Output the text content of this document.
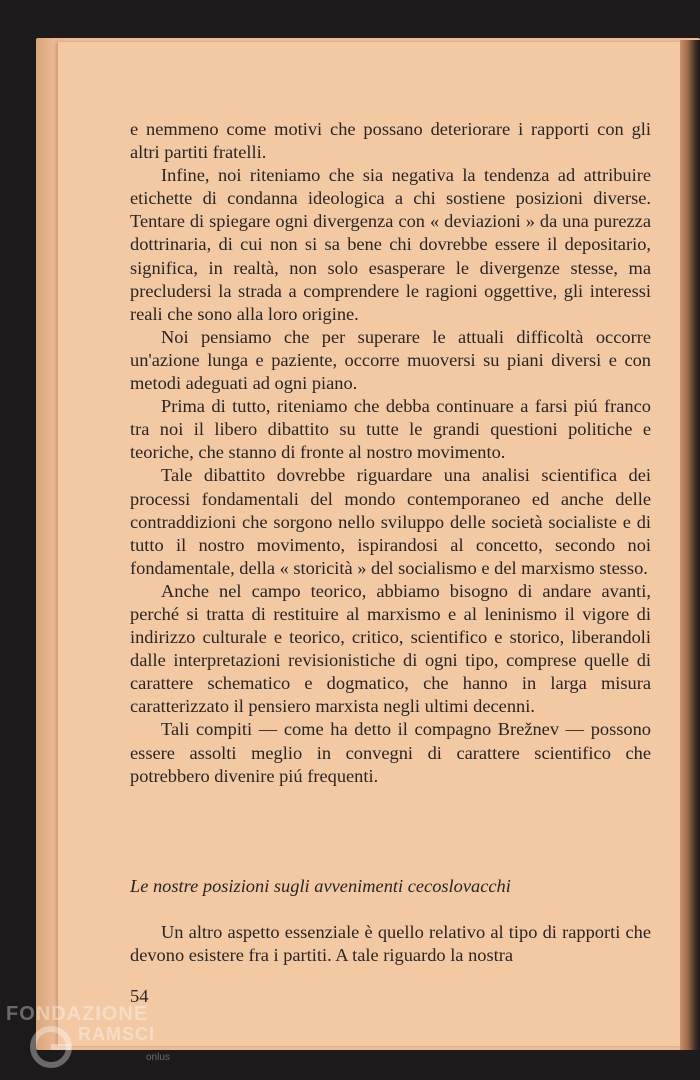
e nemmeno come motivi che possano deteriorare i rapporti con gli altri partiti fratelli.

Infine, noi riteniamo che sia negativa la tendenza ad attribuire etichette di condanna ideologica a chi sostiene posizioni diverse. Tentare di spiegare ogni divergenza con « deviazioni » da una purezza dottrinaria, di cui non si sa bene chi dovrebbe essere il depositario, significa, in realtà, non solo esasperare le divergenze stesse, ma precludersi la strada a comprendere le ragioni oggettive, gli interessi reali che sono alla loro origine.

Noi pensiamo che per superare le attuali difficoltà occorre un'azione lunga e paziente, occorre muoversi su piani diversi e con metodi adeguati ad ogni piano.

Prima di tutto, riteniamo che debba continuare a farsi piú franco tra noi il libero dibattito su tutte le grandi questioni politiche e teoriche, che stanno di fronte al nostro movimento.

Tale dibattito dovrebbe riguardare una analisi scientifica dei processi fondamentali del mondo contemporaneo ed anche delle contraddizioni che sorgono nello sviluppo delle società socialiste e di tutto il nostro movimento, ispirandosi al concetto, secondo noi fondamentale, della « storicità » del socialismo e del marxismo stesso.

Anche nel campo teorico, abbiamo bisogno di andare avanti, perché si tratta di restituire al marxismo e al leninismo il vigore di indirizzo culturale e teorico, critico, scientifico e storico, liberandoli dalle interpretazioni revisionistiche di ogni tipo, comprese quelle di carattere schematico e dogmatico, che hanno in larga misura caratterizzato il pensiero marxista negli ultimi decenni.

Tali compiti — come ha detto il compagno Brežnev — possono essere assolti meglio in convegni di carattere scientifico che potrebbero divenire piú frequenti.

Le nostre posizioni sugli avvenimenti cecoslovacchi

Un altro aspetto essenziale è quello relativo al tipo di rapporti che devono esistere fra i partiti. A tale riguardo la nostra

54
FONDAZIONE
RAMSCI
onlus
